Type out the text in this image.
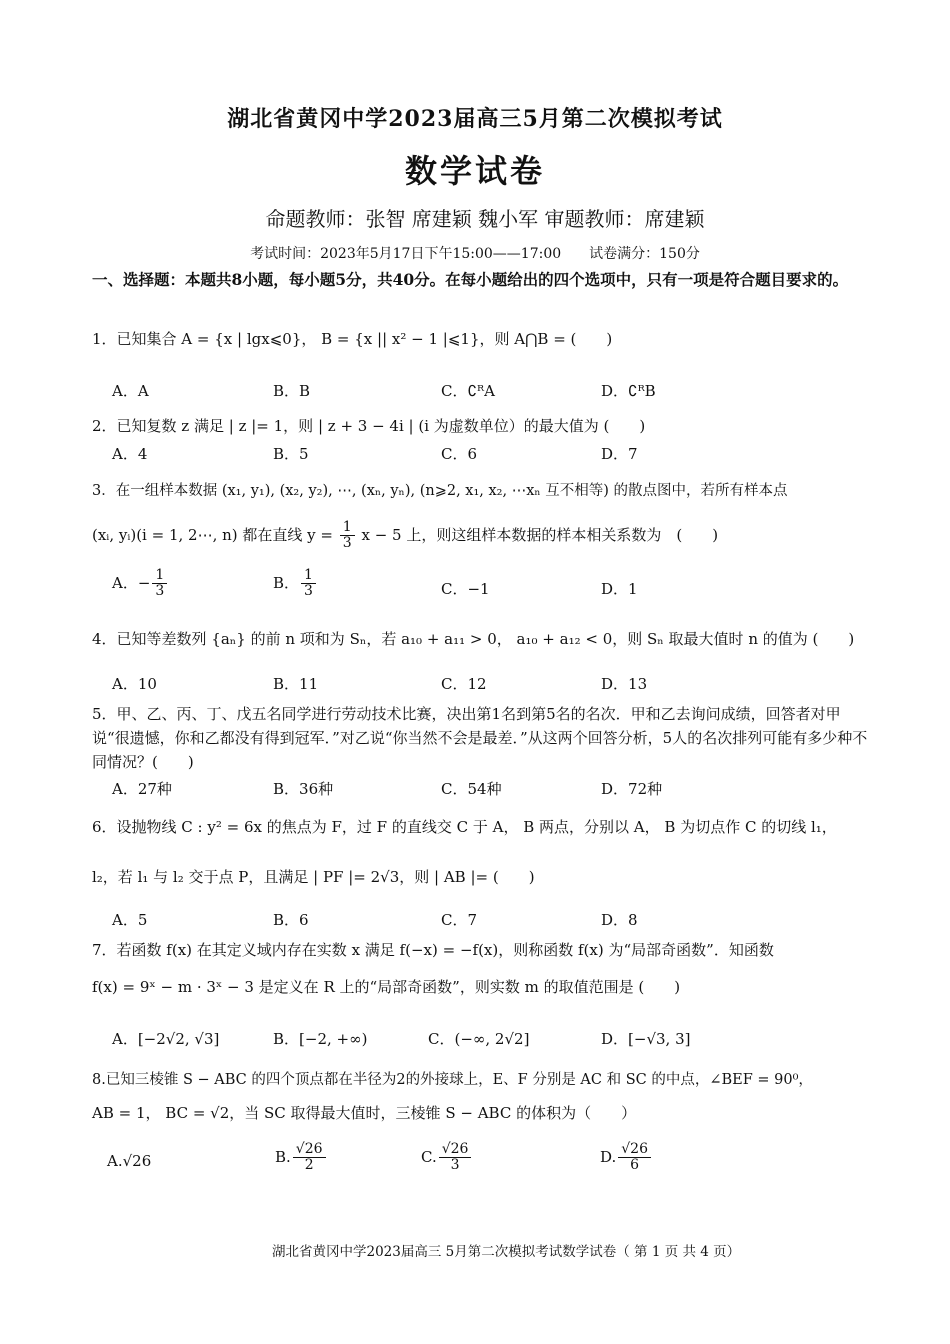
湖北省黄冈中学2023届高三5月第二次模拟考试
数学试卷
命题教师：张智 席建颖 魏小军 审题教师：席建颖
考试时间：2023年5月17日下午15:00——17:00　　试卷满分：150分
一、选择题：本题共8小题，每小题5分，共40分。在每小题给出的四个选项中，只有一项是符合题目要求的。
1．已知集合 A = {x | lgx⩽0}， B = {x || x² − 1 |⩽1}，则 A⋂B = (　　)
A．A	B．B	C．∁ᴿA	D．∁ᴿB
2．已知复数 z 满足 | z |= 1，则 | z + 3 − 4i | (i 为虚数单位）的最大值为 (　　)
A．4	B．5	C．6	D．7
3．在一组样本数据 (x₁, y₁), (x₂, y₂), ⋯, (xₙ, yₙ), (n⩾2, x₁, x₂, ⋯xₙ 互不相等) 的散点图中，若所有样本点
(xᵢ, yᵢ)(i = 1, 2⋯, n) 都在直线 $y = \frac{1}{3}$ x − 5 上，则这组样本数据的样本相关系数为　(　　)
A．− $\frac{1}{3}$	B． $\frac{1}{3}$	C．−1	D．1
4．已知等差数列 {aₙ} 的前 n 项和为 Sₙ，若 a₁₀ + a₁₁ > 0， a₁₀ + a₁₂ < 0，则 Sₙ 取最大值时 n 的值为 (　　)
A．10	B．11	C．12	D．13
5．甲、乙、丙、丁、戊五名同学进行劳动技术比赛，决出第1名到第5名的名次．甲和乙去询问成绩，回答者对甲说“很遗憾，你和乙都没有得到冠军．”对乙说“你当然不会是最差．”从这两个回答分析，5人的名次排列可能有多少种不同情况？(　　)
A．27种	B．36种	C．54种	D．72种
6．设抛物线 C : y² = 6x 的焦点为 F，过 F 的直线交 C 于 A， B 两点，分别以 A， B 为切点作 C 的切线 l₁，
l₂，若 l₁ 与 l₂ 交于点 P，且满足 | PF |= 2√3，则 | AB |= (　　)
A．5	B．6	C．7	D．8
7．若函数 f(x) 在其定义域内存在实数 x 满足 f(−x) = −f(x)，则称函数 f(x) 为“局部奇函数”．知函数
f(x) = 9ˣ − m · 3ˣ − 3 是定义在 R 上的“局部奇函数”，则实数 m 的取值范围是 (　　)
A．[−2√2, √3]	B．[−2, +∞)	C．(−∞, 2√2]	D．[−√3, 3]
8.已知三棱锥 S − ABC 的四个顶点都在半径为2的外接球上，E、F 分别是 AC 和 SC 的中点，∠BEF = 90⁰，
AB = 1， BC = √2，当 SC 取得最大值时，三棱锥 S − ABC 的体积为（　　）
A.√26	B. $\frac{√26}{2}$	C. $\frac{√26}{3}$	D. $\frac{√26}{6}$
湖北省黄冈中学2023届高三 5月第二次模拟考试数学试卷（ 第 1 页 共 4 页）
